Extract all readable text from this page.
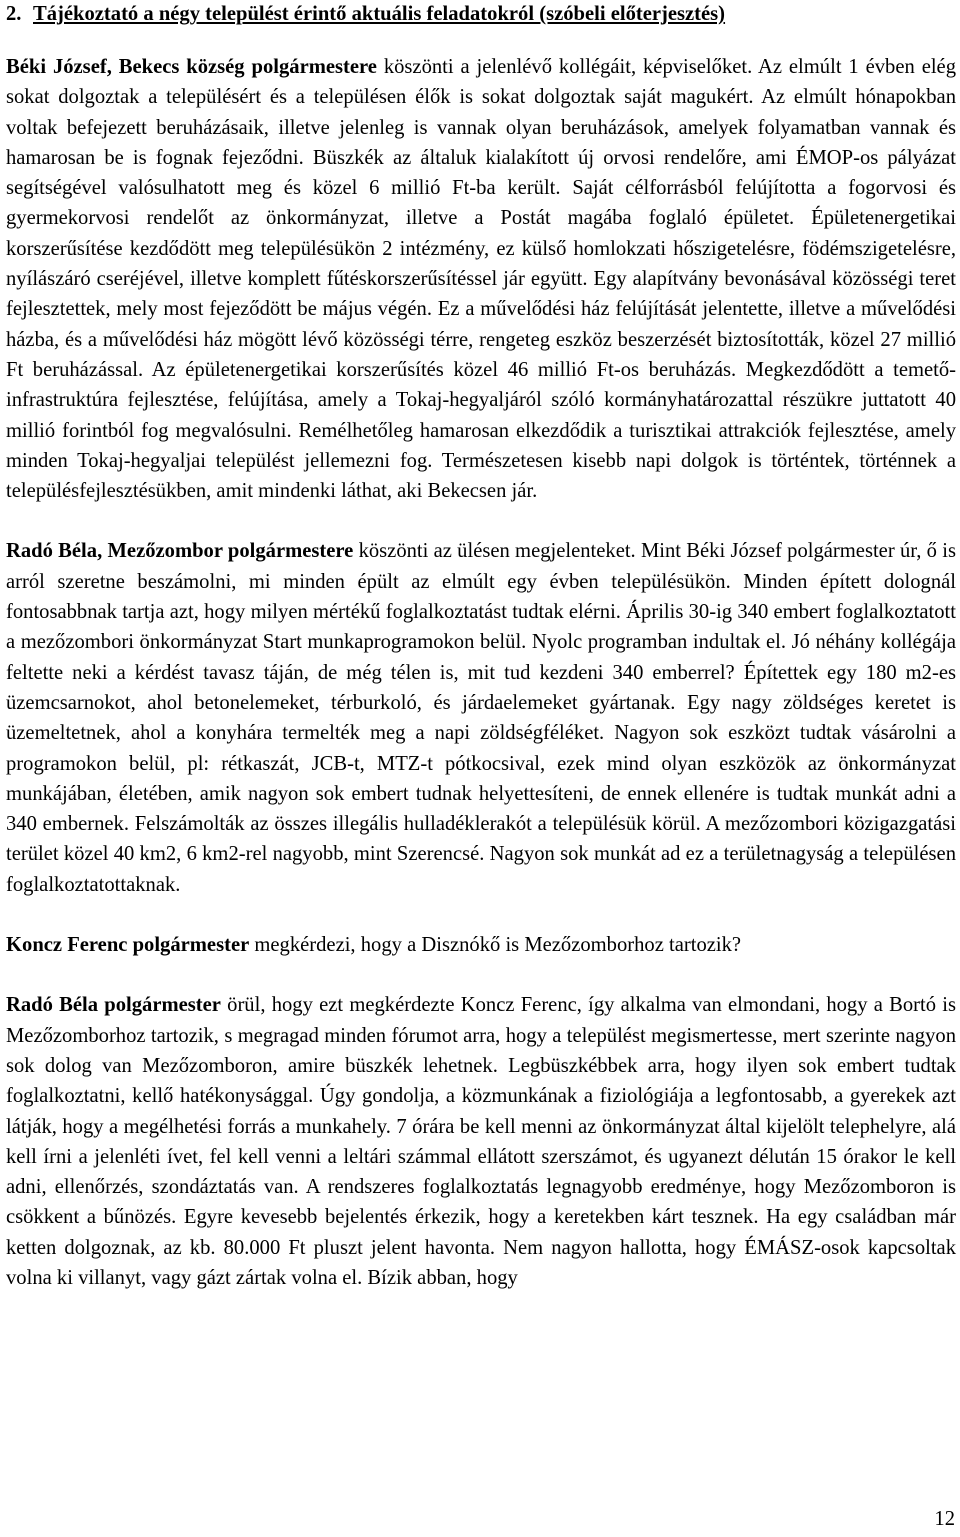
2. Tájékoztató a négy települést érintő aktuális feladatokról (szóbeli előterjesztés)

Béki József, Bekecs község polgármestere köszönti a jelenlévő kollégáit, képviselőket. Az elmúlt 1 évben elég sokat dolgoztak a településért és a településen élők is sokat dolgoztak saját magukért. Az elmúlt hónapokban voltak befejezett beruházásaik, illetve jelenleg is vannak olyan beruházások, amelyek folyamatban vannak és hamarosan be is fognak fejeződni. Büszkék az általuk kialakított új orvosi rendelőre, ami ÉMOP-os pályázat segítségével valósulhatott meg és közel 6 millió Ft-ba került. Saját célforrásból felújította a fogorvosi és gyermekorvosi rendelőt az önkormányzat, illetve a Postát magába foglaló épületet. Épületenergetikai korszerűsítése kezdődött meg településükön 2 intézmény, ez külső homlokzati hőszigetelésre, födémszigetelésre, nyílászáró cseréjével, illetve komplett fűtéskorszerűsítéssel jár együtt. Egy alapítvány bevonásával közösségi teret fejlesztettek, mely most fejeződött be május végén. Ez a művelődési ház felújítását jelentette, illetve a művelődési házba, és a művelődési ház mögött lévő közösségi térre, rengeteg eszköz beszerzését biztosították, közel 27 millió Ft beruházással. Az épületenergetikai korszerűsítés közel 46 millió Ft-os beruházás. Megkezdődött a temető-infrastruktúra fejlesztése, felújítása, amely a Tokaj-hegyaljáról szóló kormányhatározattal részükre juttatott 40 millió forintból fog megvalósulni. Remélhetőleg hamarosan elkezdődik a turisztikai attrakciók fejlesztése, amely minden Tokaj-hegyaljai települést jellemezni fog. Természetesen kisebb napi dolgok is történtek, történnek a településfejlesztésükben, amit mindenki láthat, aki Bekecsen jár.

Radó Béla, Mezőzombor polgármestere köszönti az ülésen megjelenteket. Mint Béki József polgármester úr, ő is arról szeretne beszámolni, mi minden épült az elmúlt egy évben településükön. Minden épített dolognál fontosabbnak tartja azt, hogy milyen mértékű foglalkoztatást tudtak elérni. Április 30-ig 340 embert foglalkoztatott a mezőzombori önkormányzat Start munkaprogramokon belül. Nyolc programban indultak el. Jó néhány kollégája feltette neki a kérdést tavasz táján, de még télen is, mit tud kezdeni 340 emberrel? Építettek egy 180 m2-es üzemcsarnokot, ahol betonelemeket, térburkoló, és járdaelemeket gyártanak. Egy nagy zöldséges keretet is üzemeltetnek, ahol a konyhára termelték meg a napi zöldségféléket. Nagyon sok eszközt tudtak vásárolni a programokon belül, pl: rétkaszát, JCB-t, MTZ-t pótkocsival, ezek mind olyan eszközök az önkormányzat munkájában, életében, amik nagyon sok embert tudnak helyettesíteni, de ennek ellenére is tudtak munkát adni a 340 embernek. Felszámolták az összes illegális hulladéklerakót a településük körül. A mezőzombori közigazgatási terület közel 40 km2, 6 km2-rel nagyobb, mint Szerencsé. Nagyon sok munkát ad ez a területnagyság a településen foglalkoztatottaknak.

Koncz Ferenc polgármester megkérdezi, hogy a Disznókő is Mezőzomborhoz tartozik?

Radó Béla polgármester örül, hogy ezt megkérdezte Koncz Ferenc, így alkalma van elmondani, hogy a Bortó is Mezőzomborhoz tartozik, s megragad minden fórumot arra, hogy a települést megismertesse, mert szerinte nagyon sok dolog van Mezőzomboron, amire büszkék lehetnek. Legbüszkébbek arra, hogy ilyen sok embert tudtak foglalkoztatni, kellő hatékonysággal. Úgy gondolja, a közmunkának a fiziológiája a legfontosabb, a gyerekek azt látják, hogy a megélhetési forrás a munkahely. 7 órára be kell menni az önkormányzat által kijelölt telephelyre, alá kell írni a jelenléti ívet, fel kell venni a leltári számmal ellátott szerszámot, és ugyanezt délután 15 órakor le kell adni, ellenőrzés, szondáztatás van. A rendszeres foglalkoztatás legnagyobb eredménye, hogy Mezőzomboron is csökkent a bűnözés. Egyre kevesebb bejelentés érkezik, hogy a keretekben kárt tesznek. Ha egy családban már ketten dolgoznak, az kb. 80.000 Ft pluszt jelent havonta. Nem nagyon hallotta, hogy ÉMÁSZ-osok kapcsoltak volna ki villanyt, vagy gázt zártak volna el. Bízik abban, hogy

12
